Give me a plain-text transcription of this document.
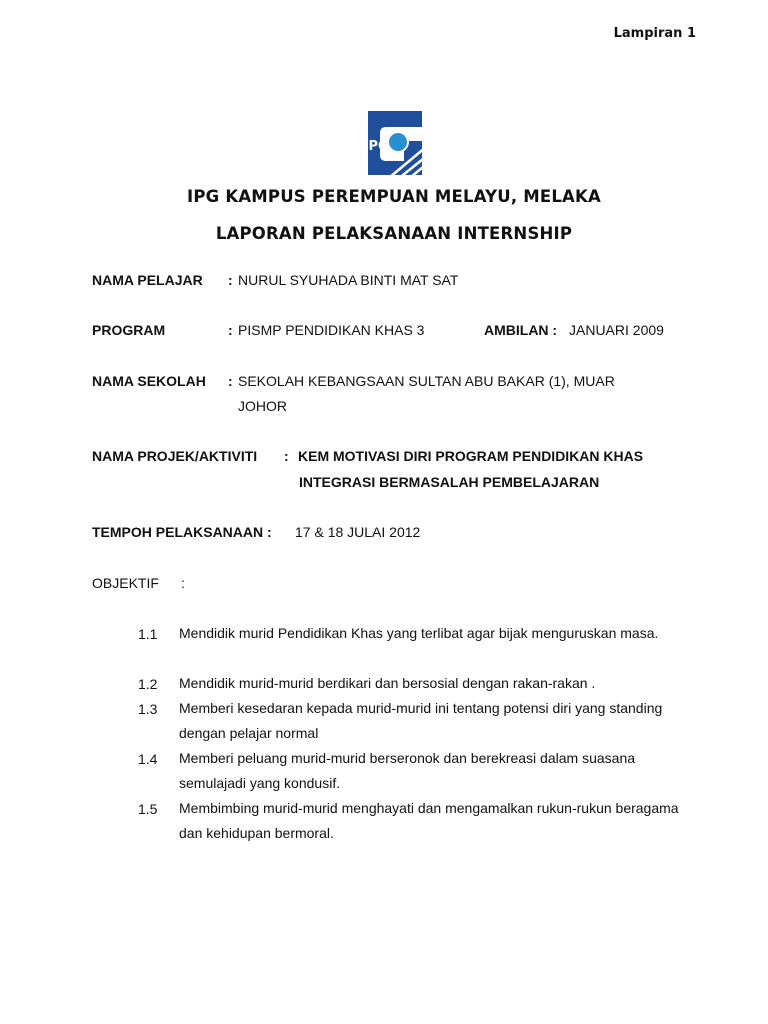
Lampiran 1
iPG
IPG KAMPUS PEREMPUAN MELAYU, MELAKA
LAPORAN PELAKSANAAN INTERNSHIP
NAMA PELAJAR : NURUL SYUHADA BINTI MAT SAT
PROGRAM	: PISMP PENDIDIKAN KHAS 3	AMBILAN : JANUARI 2009
NAMA SEKOLAH : SEKOLAH KEBANGSAAN SULTAN ABU BAKAR (1), MUAR
JOHOR
NAMA PROJEK/AKTIVITI : KEM MOTIVASI DIRI PROGRAM PENDIDIKAN KHAS
INTEGRASI BERMASALAH PEMBELAJARAN
TEMPOH PELAKSANAAN : 17 & 18 JULAI 2012
OBJEKTIF :
1.1 Mendidik murid Pendidikan Khas yang terlibat agar bijak menguruskan masa.
1.2 Mendidik murid-murid berdikari dan bersosial dengan rakan-rakan .
1.3 Memberi kesedaran kepada murid-murid ini tentang potensi diri yang standing dengan pelajar normal
1.4 Memberi peluang murid-murid berseronok dan berekreasi dalam suasana semulajadi yang kondusif.
1.5 Membimbing murid-murid menghayati dan mengamalkan rukun-rukun beragama dan kehidupan bermoral.
